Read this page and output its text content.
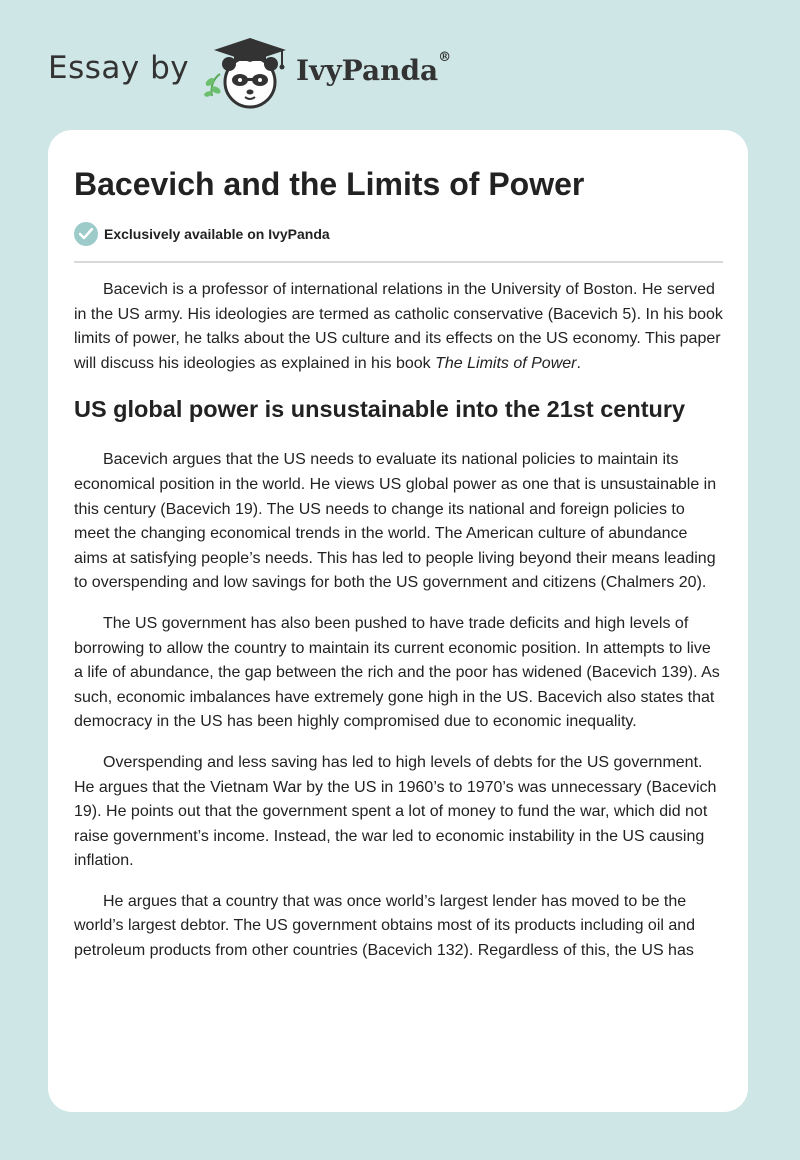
Essay by	IvyPanda®
Bacevich and the Limits of Power
Exclusively available on IvyPanda

Bacevich is a professor of international relations in the University of Boston. He served in the US army. His ideologies are termed as catholic conservative (Bacevich 5). In his book limits of power, he talks about the US culture and its effects on the US economy. This paper will discuss his ideologies as explained in his book The Limits of Power.

US global power is unsustainable into the 21st century

Bacevich argues that the US needs to evaluate its national policies to maintain its economical position in the world. He views US global power as one that is unsustainable in this century (Bacevich 19). The US needs to change its national and foreign policies to meet the changing economical trends in the world. The American culture of abundance aims at satisfying people’s needs. This has led to people living beyond their means leading to overspending and low savings for both the US government and citizens (Chalmers 20).

The US government has also been pushed to have trade deficits and high levels of borrowing to allow the country to maintain its current economic position. In attempts to live a life of abundance, the gap between the rich and the poor has widened (Bacevich 139). As such, economic imbalances have extremely gone high in the US. Bacevich also states that democracy in the US has been highly compromised due to economic inequality.

Overspending and less saving has led to high levels of debts for the US government. He argues that the Vietnam War by the US in 1960’s to 1970’s was unnecessary (Bacevich 19). He points out that the government spent a lot of money to fund the war, which did not raise government’s income. Instead, the war led to economic instability in the US causing inflation.

He argues that a country that was once world’s largest lender has moved to be the world’s largest debtor. The US government obtains most of its products including oil and petroleum products from other countries (Bacevich 132). Regardless of this, the US has
